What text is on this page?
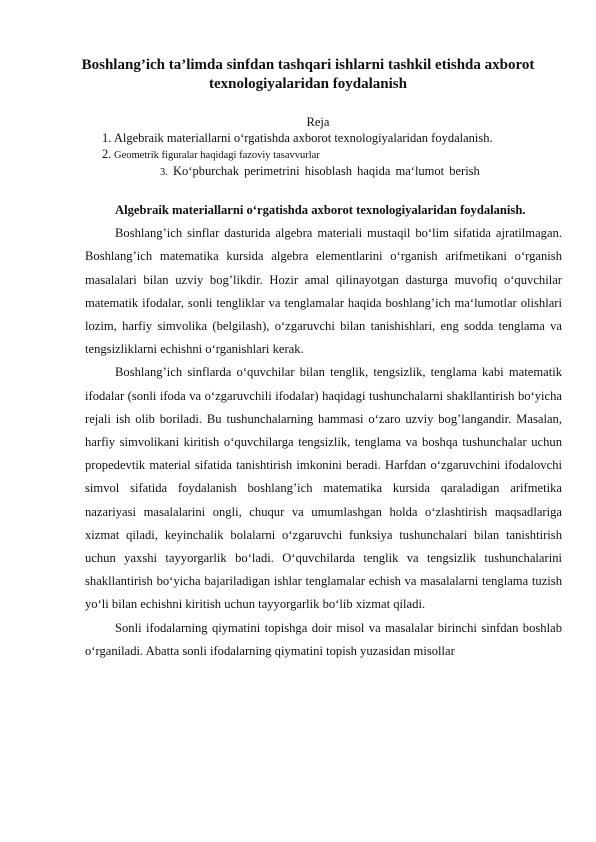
Boshlang’ich ta’limda sinfdan tashqari ishlarni tashkil etishda axborot texnologiyalaridan foydalanish
Reja
1. Algebraik materiallarni o‘rgatishda axborot texnologiyalaridan foydalanish.
2. Geometrik figuralar haqidagi fazoviy tasavvurlar
3. Ko‘pburchak perimetrini hisoblash haqida ma‘lumot berish

Algebraik materiallarni o‘rgatishda axborot texnologiyalaridan foydalanish.

Boshlang’ich sinflar dasturida algebra materiali mustaqil bo‘lim sifatida ajratilmagan. Boshlang’ich matematika kursida algebra elementlarini o‘rganish arifmetikani o‘rganish masalalari bilan uzviy bog’likdir. Hozir amal qilinayotgan dasturga muvofiq o‘quvchilar matematik ifodalar, sonli tengliklar va tenglamalar haqida boshlang’ich ma‘lumotlar olishlari lozim, harfiy simvolika (belgilash), o‘zgaruvchi bilan tanishishlari, eng sodda tenglama va tengsizliklarni echishni o‘rganishlari kerak.

Boshlang’ich sinflarda o‘quvchilar bilan tenglik, tengsizlik, tenglama kabi matematik ifodalar (sonli ifoda va o‘zgaruvchili ifodalar) haqidagi tushunchalarni shakllantirish bo‘yicha rejali ish olib boriladi. Bu tushunchalarning hammasi o‘zaro uzviy bog’langandir. Masalan, harfiy simvolikani kiritish o‘quvchilarga tengsizlik, tenglama va boshqa tushunchalar uchun propedevtik material sifatida tanishtirish imkonini beradi. Harfdan o‘zgaruvchini ifodalovchi simvol sifatida foydalanish boshlang’ich matematika kursida qaraladigan arifmetika nazariyasi masalalarini ongli, chuqur va umumlashgan holda o‘zlashtirish maqsadlariga xizmat qiladi, keyinchalik bolalarni o‘zgaruvchi funksiya tushunchalari bilan tanishtirish uchun yaxshi tayyorgarlik bo‘ladi. O‘quvchilarda tenglik va tengsizlik tushunchalarini shakllantirish bo‘yicha bajariladigan ishlar tenglamalar echish va masalalarni tenglama tuzish yo‘li bilan echishni kiritish uchun tayyorgarlik bo‘lib xizmat qiladi.

Sonli ifodalarning qiymatini topishga doir misol va masalalar birinchi sinfdan boshlab o‘rganiladi. Abatta sonli ifodalarning qiymatini topish yuzasidan misollar
